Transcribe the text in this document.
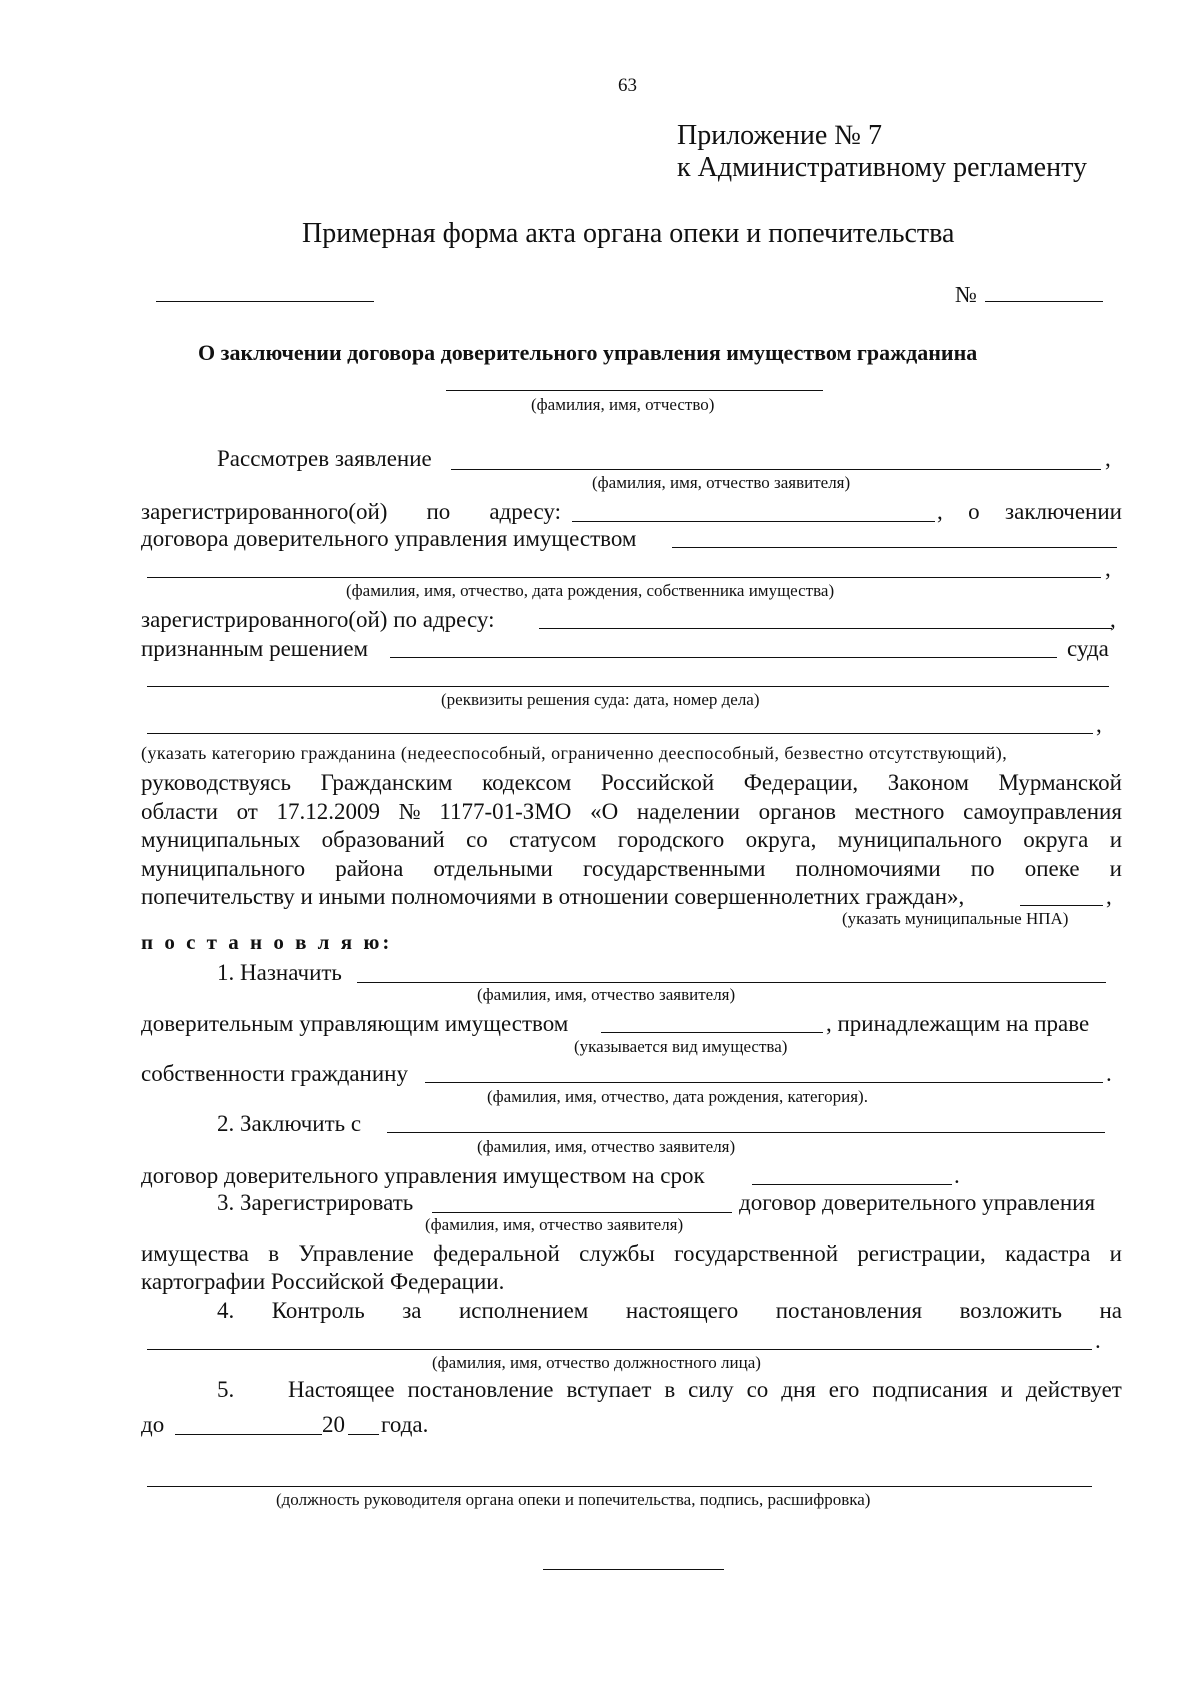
63
Приложение № 7
к Административному регламенту
Примерная форма акта органа опеки и попечительства
№
О заключении договора доверительного управления имуществом гражданина
(фамилия, имя, отчество)
Рассмотрев заявление	,
(фамилия, имя, отчество заявителя)
зарегистрированного(ой) по адресу:	, о заключении
договора доверительного управления имуществом
,
(фамилия, имя, отчество, дата рождения, собственника имущества)
зарегистрированного(ой) по адресу:	,
признанным решением	суда
(реквизиты решения суда: дата, номер дела)
,
(указать категорию гражданина (недееспособный, ограниченно дееспособный, безвестно отсутствующий),
руководствуясь Гражданским кодексом Российской Федерации, Законом Мурманской
области от 17.12.2009 № 1177-01-ЗМО «О наделении органов местного самоуправления
муниципальных образований со статусом городского округа, муниципального округа и
муниципального района отдельными государственными полномочиями по опеке и
попечительству и иными полномочиями в отношении совершеннолетних граждан»,	,
(указать муниципальные НПА)
п о с т а н о в л я ю:
1. Назначить
(фамилия, имя, отчество заявителя)
доверительным управляющим имуществом	, принадлежащим на праве
(указывается вид имущества)
собственности гражданину	.
(фамилия, имя, отчество, дата рождения, категория).
2. Заключить с
(фамилия, имя, отчество заявителя)
договор доверительного управления имуществом на срок	.
3. Зарегистрировать	договор доверительного управления
(фамилия, имя, отчество заявителя)
имущества в Управление федеральной службы государственной регистрации, кадастра и
картографии Российской Федерации.
4. Контроль за исполнением настоящего постановления возложить на
.
(фамилия, имя, отчество должностного лица)
5. Настоящее постановление вступает в силу со дня его подписания и действует
до	20 года.
(должность руководителя органа опеки и попечительства, подпись, расшифровка)
